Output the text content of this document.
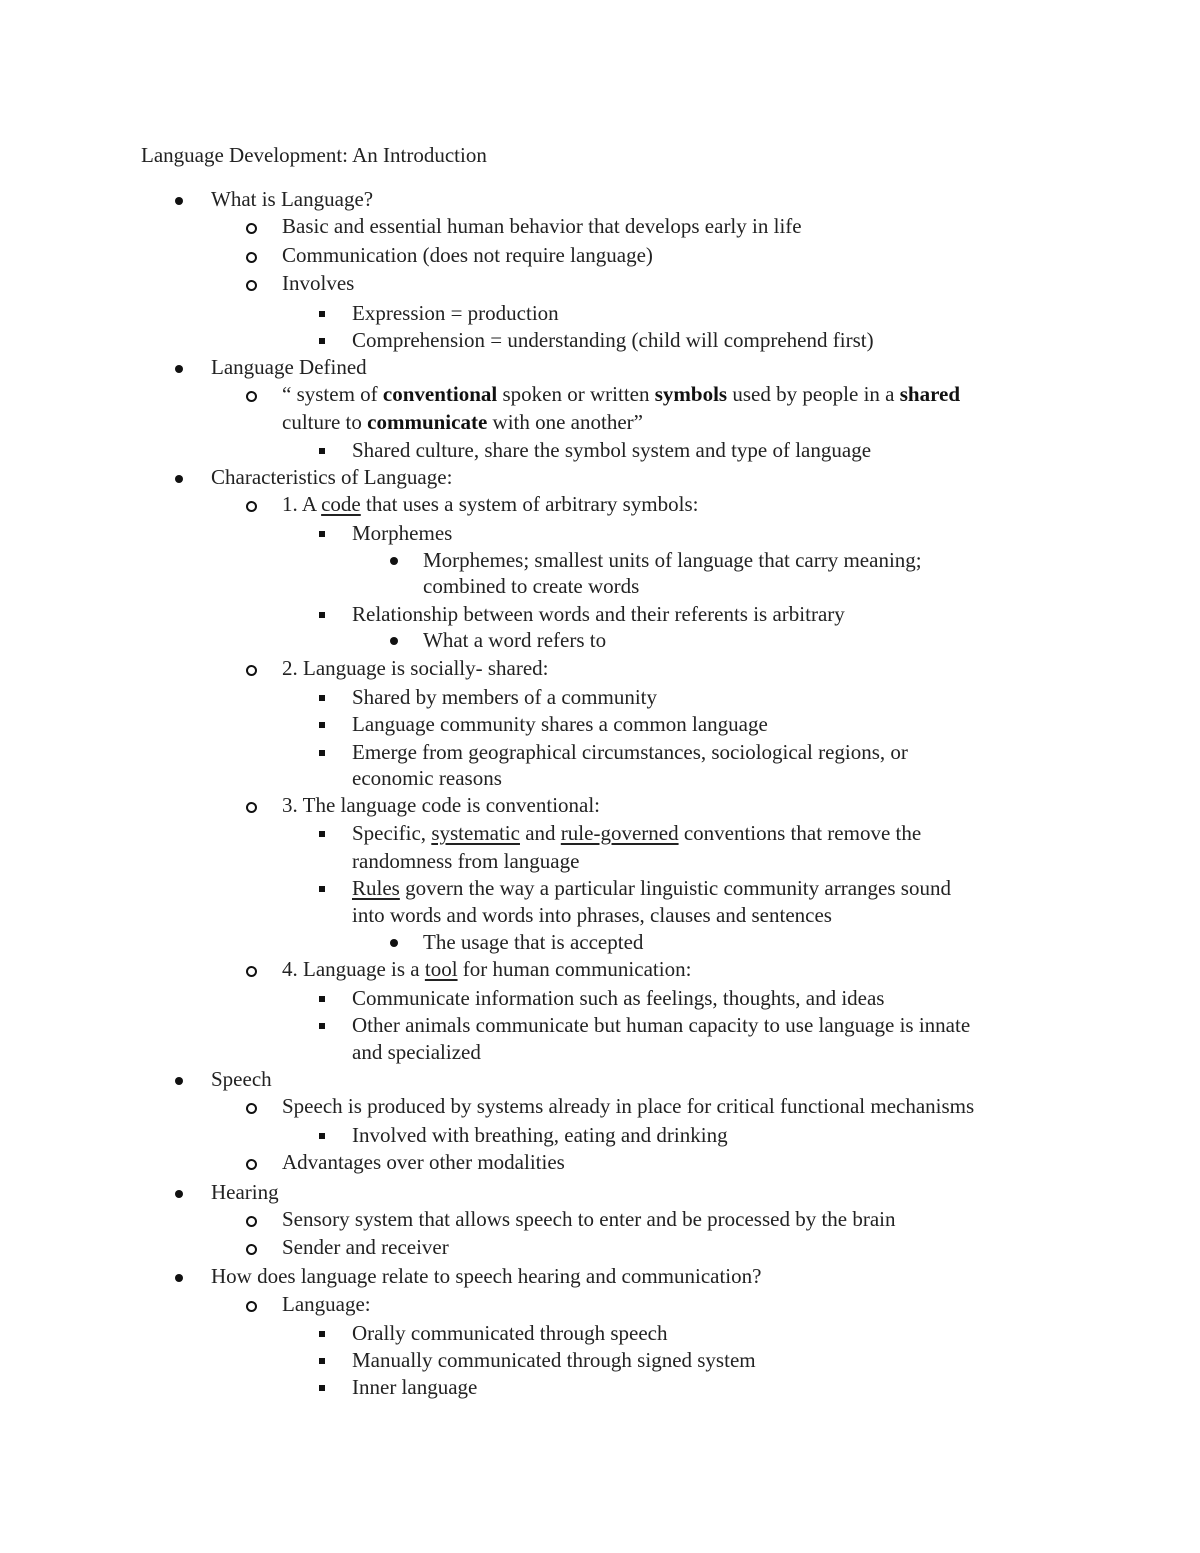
Language Development: An Introduction
What is Language?
Basic and essential human behavior that develops early in life
Communication (does not require language)
Involves
Expression = production
Comprehension = understanding (child will comprehend first)
Language Defined
“ system of conventional spoken or written symbols used by people in a shared
culture to communicate with one another”
Shared culture, share the symbol system and type of language
Characteristics of Language:
1. A code that uses a system of arbitrary symbols:
Morphemes
Morphemes; smallest units of language that carry meaning;
combined to create words
Relationship between words and their referents is arbitrary
What a word refers to
2. Language is socially- shared:
Shared by members of a community
Language community shares a common language
Emerge from geographical circumstances, sociological regions, or
economic reasons
3. The language code is conventional:
Specific, systematic and rule-governed conventions that remove the
randomness from language
Rules govern the way a particular linguistic community arranges sound
into words and words into phrases, clauses and sentences
The usage that is accepted
4. Language is a tool for human communication:
Communicate information such as feelings, thoughts, and ideas
Other animals communicate but human capacity to use language is innate
and specialized
Speech
Speech is produced by systems already in place for critical functional mechanisms
Involved with breathing, eating and drinking
Advantages over other modalities
Hearing
Sensory system that allows speech to enter and be processed by the brain
Sender and receiver
How does language relate to speech hearing and communication?
Language:
Orally communicated through speech
Manually communicated through signed system
Inner language
